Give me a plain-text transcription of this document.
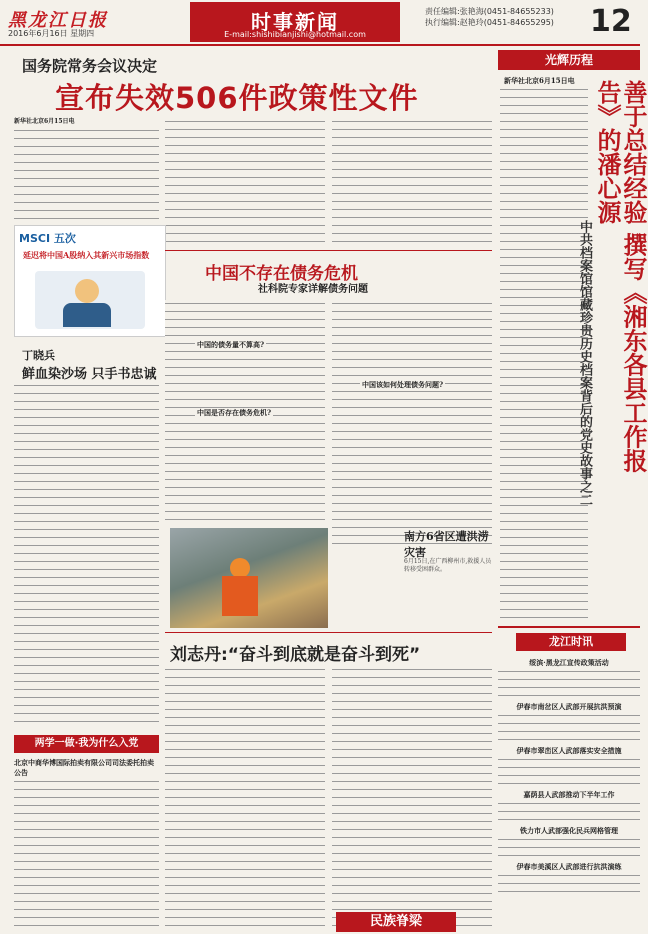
黑龙江日报
2016年6月16日 星期四	时事新闻
E-mail:shishibianjishi@hotmail.com
责任编辑:张艳海(0451-84655233)
执行编辑:赵艳玲(0451-84655295) 12
国务院常务会议决定
宣布失效506件政策性文件
新华社北京6月15日电
MSCI 五次
延迟将中国A股纳入其新兴市场指数
丁晓兵
鲜血染沙场 只手书忠诚
中国不存在债务危机
社科院专家详解债务问题
中国的债务量不算高?
中国是否存在债务危机?
中国该如何处理债务问题?
南方6省区遭洪涝灾害
6月15日,在广西柳州市,救援人员转移受困群众。
刘志丹:“奋斗到底就是奋斗到死”
两学一做·我为什么入党
北京中商华博国际拍卖有限公司司法委托拍卖公告
光辉历程
新华社北京6月15日电	善于总结经验 撰写《湘东各县工作报告》的潘心源
中共档案馆馆藏珍贵历史档案背后的党史故事之二
龙江时讯
绥滨·黑龙江宣传政策活动
伊春市南岔区人武部开展抗洪预演
伊春市翠峦区人武部落实安全措施
嘉荫县人武部推动下半年工作
铁力市人武部强化民兵网格管理
伊春市美溪区人武部进行抗洪演练
民族脊梁
